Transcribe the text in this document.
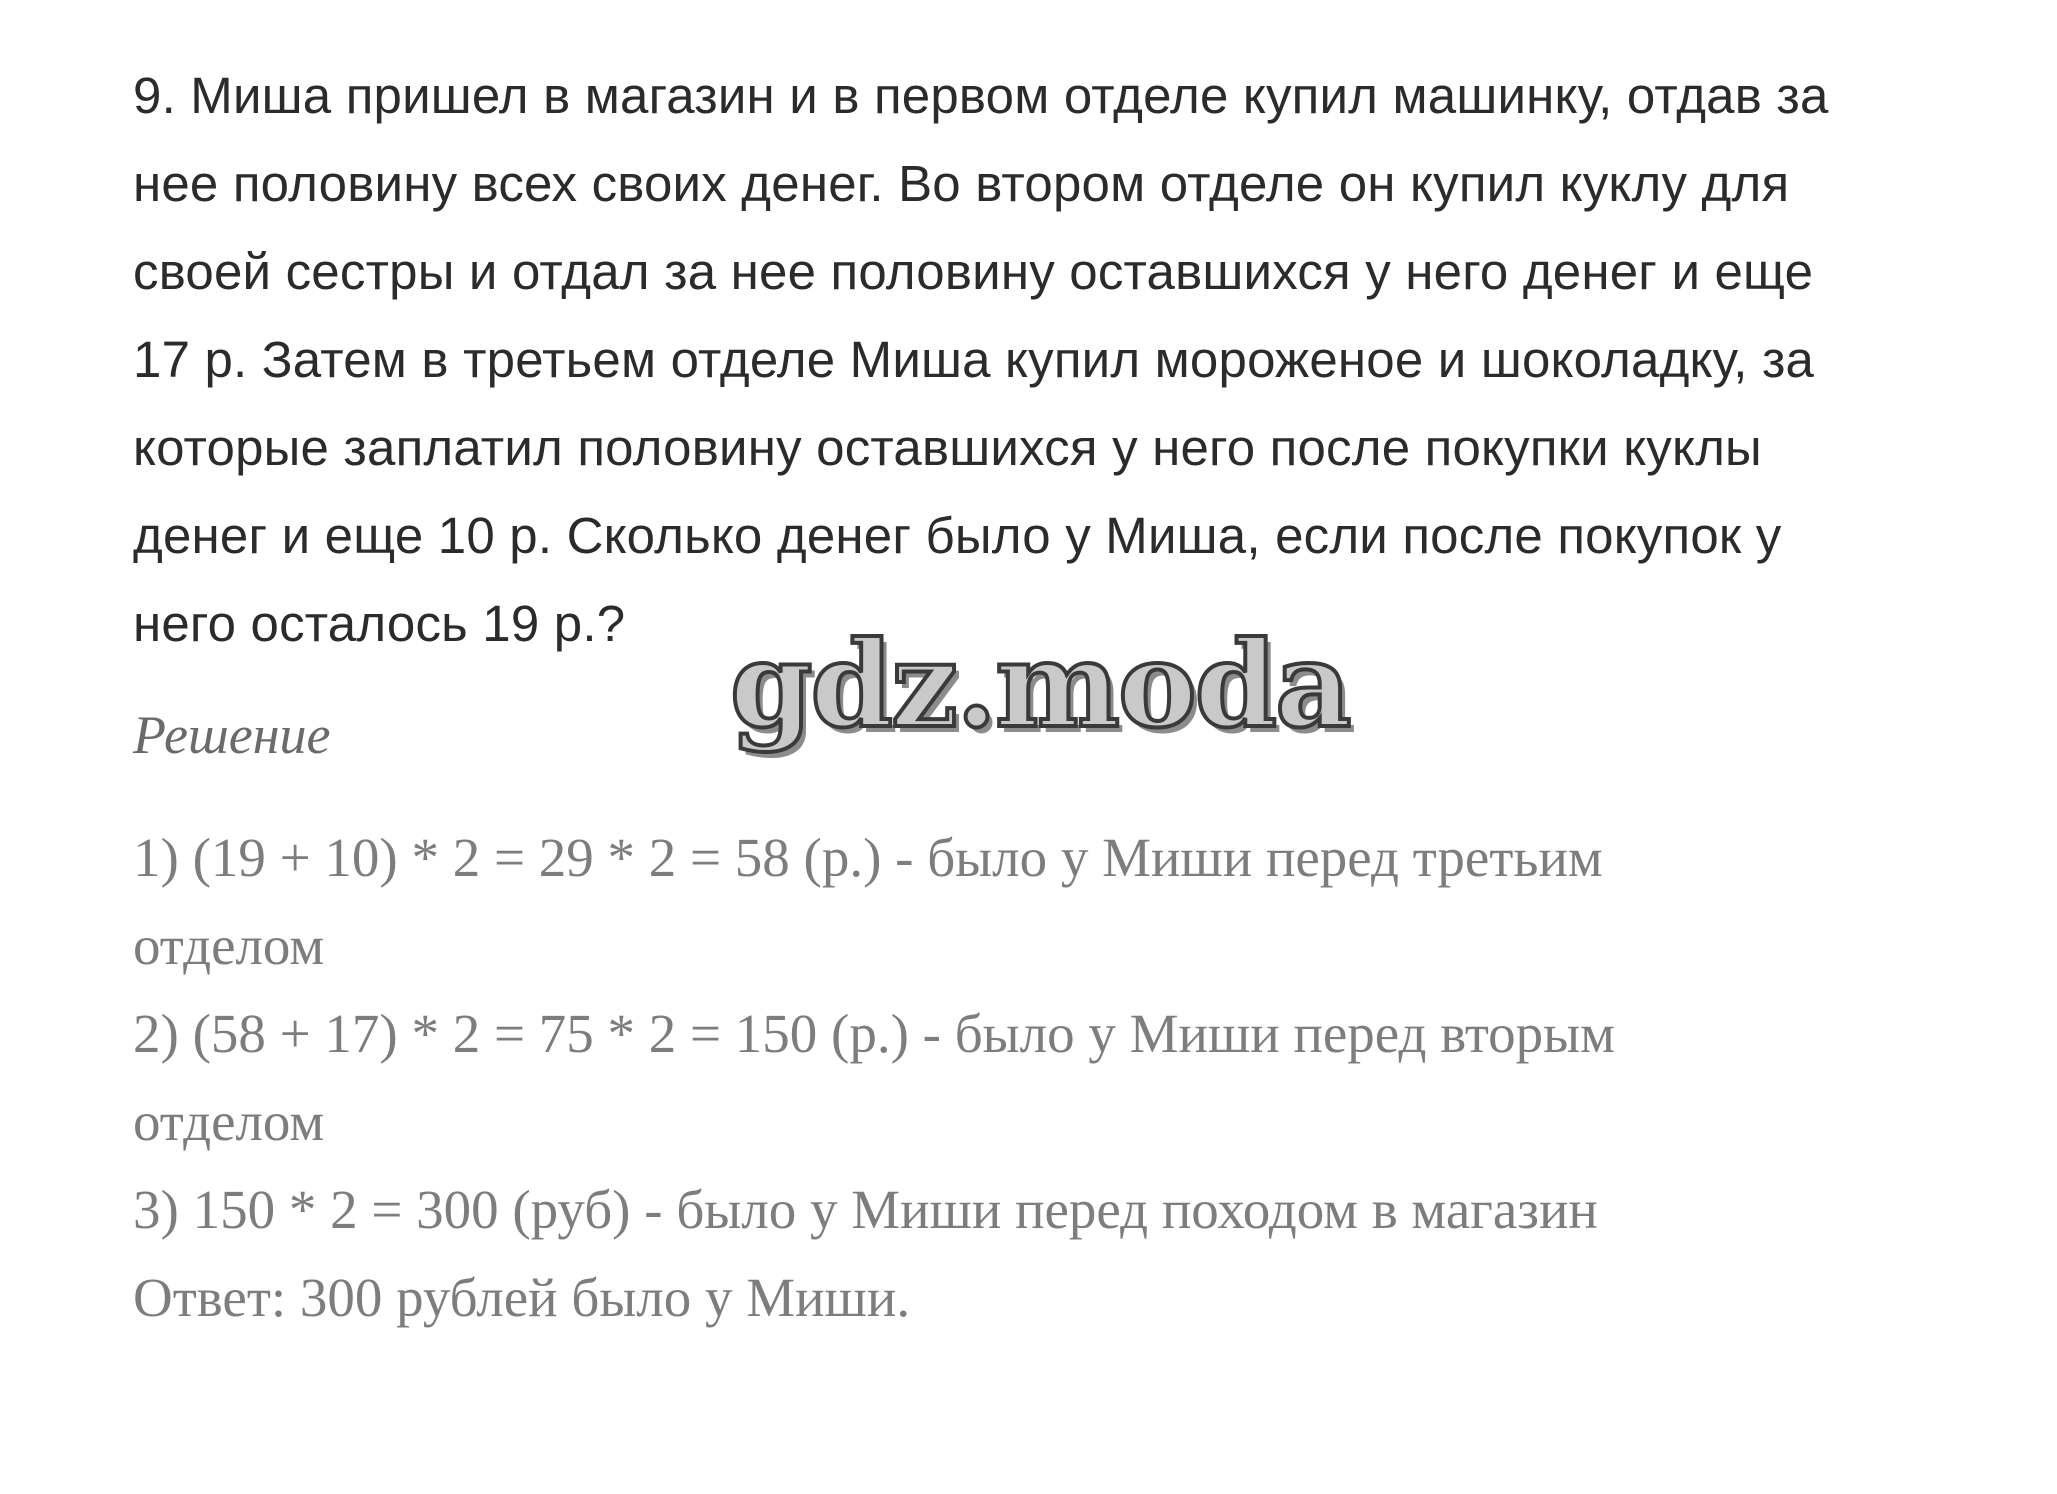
9. Миша пришел в магазин и в первом отделе купил машинку, отдав за
нее половину всех своих денег. Во втором отделе он купил куклу для
своей сестры и отдал за нее половину оставшихся у него денег и еще
17 р. Затем в третьем отделе Миша купил мороженое и шоколадку, за
которые заплатил половину оставшихся у него после покупки куклы
денег и еще 10 р. Сколько денег было у Миша, если после покупок у
него осталось 19 р.? gdz.moda
Решение
1) (19 + 10) * 2 = 29 * 2 = 58 (р.) - было у Миши перед третьим
отделом
2) (58 + 17) * 2 = 75 * 2 = 150 (р.) - было у Миши перед вторым
отделом
3) 150 * 2 = 300 (руб) - было у Миши перед походом в магазин
Ответ: 300 рублей было у Миши.
